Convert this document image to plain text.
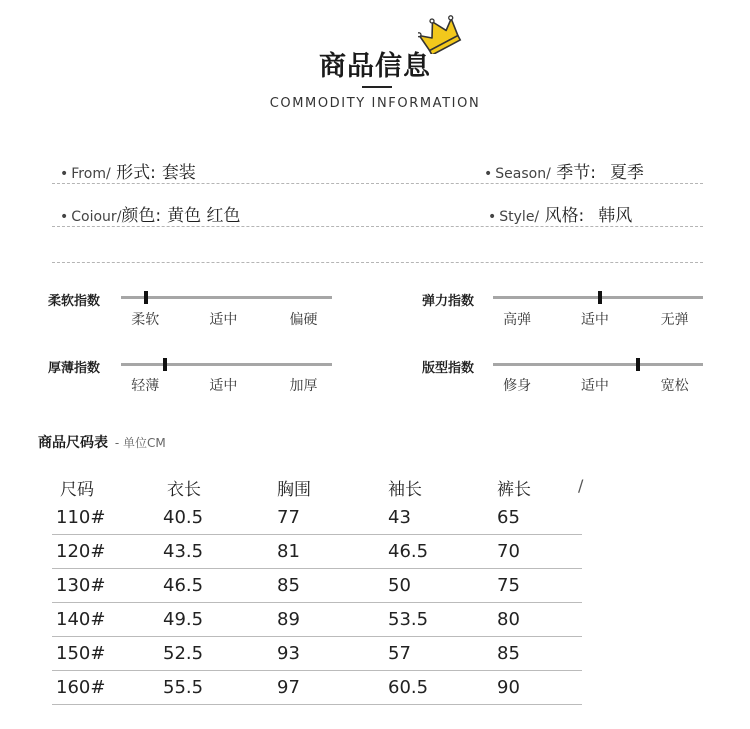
商品信息
COMMODITY INFORMATION
• From/ 形式: 套装	• Season/ 季节: 夏季
• Coiour/颜色: 黄色 红色	• Style/ 风格: 韩风
柔软指数
柔软	适中	偏硬
弹力指数
高弹	适中	无弹
厚薄指数
轻薄	适中	加厚
版型指数
修身	适中	宽松
商品尺码表 - 单位CM
尺码	衣长	胸围	袖长	裤长
110#	40.5	77	43	65
120#	43.5	81	46.5	70
130#	46.5	85	50	75
140#	49.5	89	53.5	80
150#	52.5	93	57	85
160#	55.5	97	60.5	90
/
